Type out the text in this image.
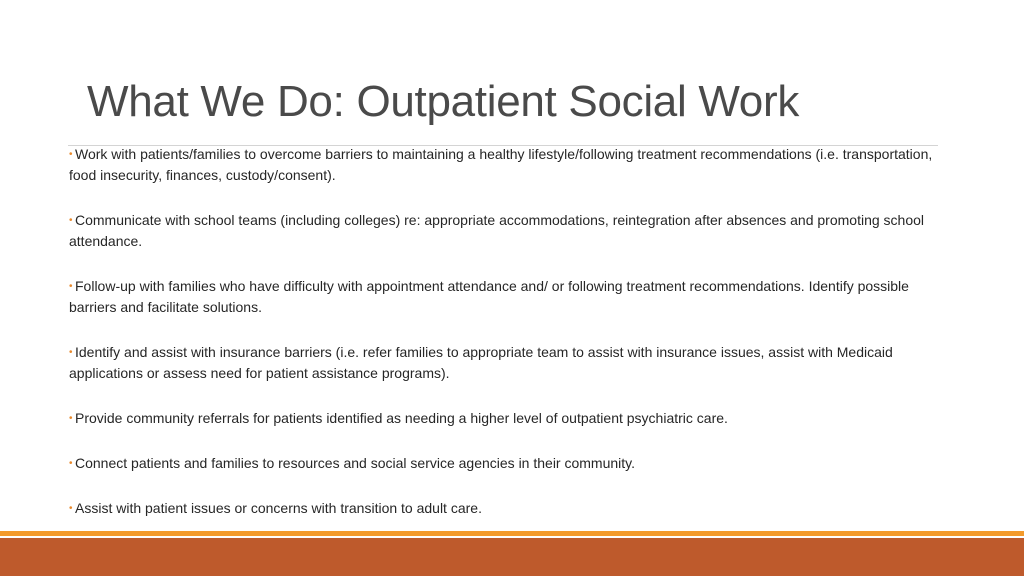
What We Do: Outpatient Social Work
• Work with patients/families to overcome barriers to maintaining a healthy lifestyle/following treatment recommendations (i.e. transportation, food insecurity, finances, custody/consent).
• Communicate with school teams (including colleges) re: appropriate accommodations, reintegration after absences and promoting school attendance.
• Follow-up with families who have difficulty with appointment attendance and/ or following treatment recommendations. Identify possible barriers and facilitate solutions.
• Identify and assist with insurance barriers (i.e. refer families to appropriate team to assist with insurance issues, assist with Medicaid applications or assess need for patient assistance programs).
• Provide community referrals for patients identified as needing a higher level of outpatient psychiatric care.
• Connect patients and families to resources and social service agencies in their community.
• Assist with patient issues or concerns with transition to adult care.
